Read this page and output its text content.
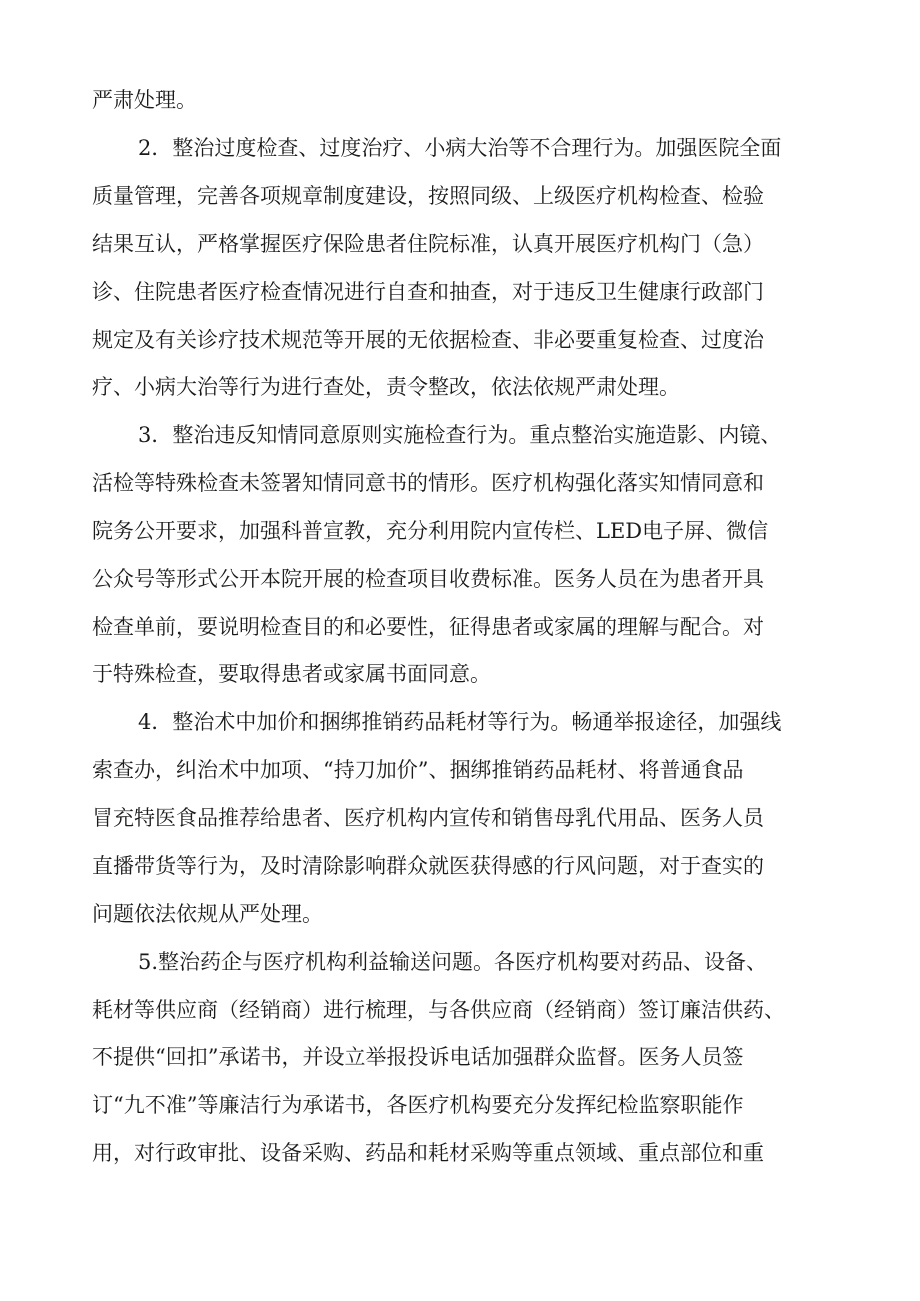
严肃处理。
2．整治过度检查、过度治疗、小病大治等不合理行为。加强医院全面
质量管理，完善各项规章制度建设，按照同级、上级医疗机构检查、检验
结果互认，严格掌握医疗保险患者住院标准，认真开展医疗机构门（急）
诊、住院患者医疗检查情况进行自查和抽查，对于违反卫生健康行政部门
规定及有关诊疗技术规范等开展的无依据检查、非必要重复检查、过度治
疗、小病大治等行为进行查处，责令整改，依法依规严肃处理。
3．整治违反知情同意原则实施检查行为。重点整治实施造影、内镜、
活检等特殊检查未签署知情同意书的情形。医疗机构强化落实知情同意和
院务公开要求，加强科普宣教，充分利用院内宣传栏、LED电子屏、微信
公众号等形式公开本院开展的检查项目收费标准。医务人员在为患者开具
检查单前，要说明检查目的和必要性，征得患者或家属的理解与配合。对
于特殊检查，要取得患者或家属书面同意。
4．整治术中加价和捆绑推销药品耗材等行为。畅通举报途径，加强线
索查办，纠治术中加项、“持刀加价”、捆绑推销药品耗材、将普通食品
冒充特医食品推荐给患者、医疗机构内宣传和销售母乳代用品、医务人员
直播带货等行为，及时清除影响群众就医获得感的行风问题，对于查实的
问题依法依规从严处理。
5.整治药企与医疗机构利益输送问题。各医疗机构要对药品、设备、
耗材等供应商（经销商）进行梳理，与各供应商（经销商）签订廉洁供药、
不提供“回扣”承诺书，并设立举报投诉电话加强群众监督。医务人员签
订“九不准”等廉洁行为承诺书，各医疗机构要充分发挥纪检监察职能作
用，对行政审批、设备采购、药品和耗材采购等重点领域、重点部位和重
